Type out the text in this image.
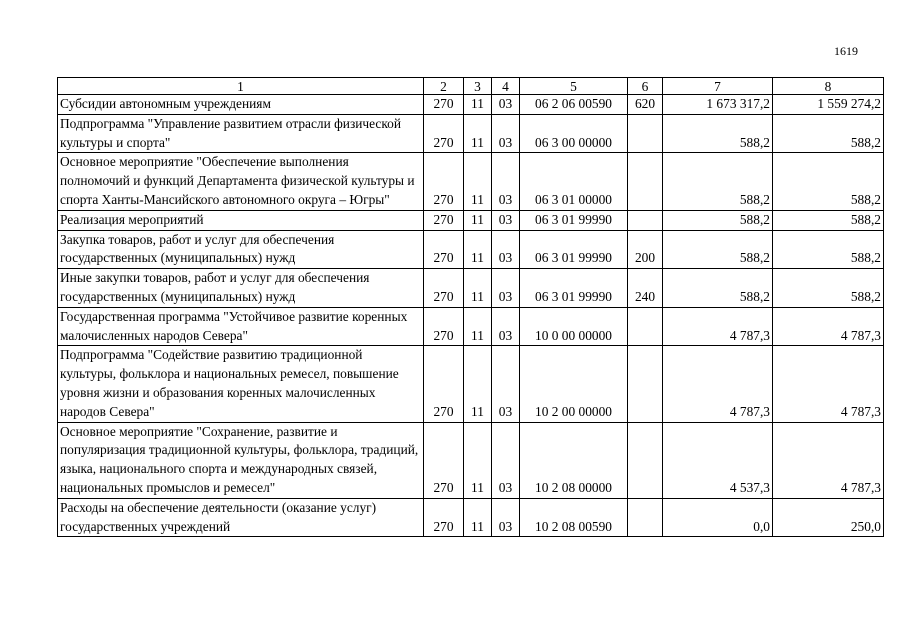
1619
1	2	3	4	5	6	7	8
Субсидии автономным учреждениям	270	11	03	06 2 06 00590	620	1 673 317,2	1 559 274,2
Подпрограмма "Управление развитием отрасли физической культуры и спорта"	270	11	03	06 3 00 00000		588,2	588,2
Основное мероприятие "Обеспечение выполнения полномочий и функций Департамента физической культуры и спорта Ханты-Мансийского автономного округа – Югры"	270	11	03	06 3 01 00000		588,2	588,2
Реализация мероприятий	270	11	03	06 3 01 99990		588,2	588,2
Закупка товаров, работ и услуг для обеспечения государственных (муниципальных) нужд	270	11	03	06 3 01 99990	200	588,2	588,2
Иные закупки товаров, работ и услуг для обеспечения государственных (муниципальных) нужд	270	11	03	06 3 01 99990	240	588,2	588,2
Государственная программа "Устойчивое развитие коренных малочисленных народов Севера"	270	11	03	10 0 00 00000		4 787,3	4 787,3
Подпрограмма "Содействие развитию традиционной культуры, фольклора и национальных ремесел, повышение уровня жизни и образования коренных малочисленных народов Севера"	270	11	03	10 2 00 00000		4 787,3	4 787,3
Основное мероприятие "Сохранение, развитие и популяризация традиционной культуры, фольклора, традиций, языка, национального спорта и международных связей, национальных промыслов и ремесел"	270	11	03	10 2 08 00000		4 537,3	4 787,3
Расходы на обеспечение деятельности (оказание услуг) государственных учреждений	270	11	03	10 2 08 00590		0,0	250,0
